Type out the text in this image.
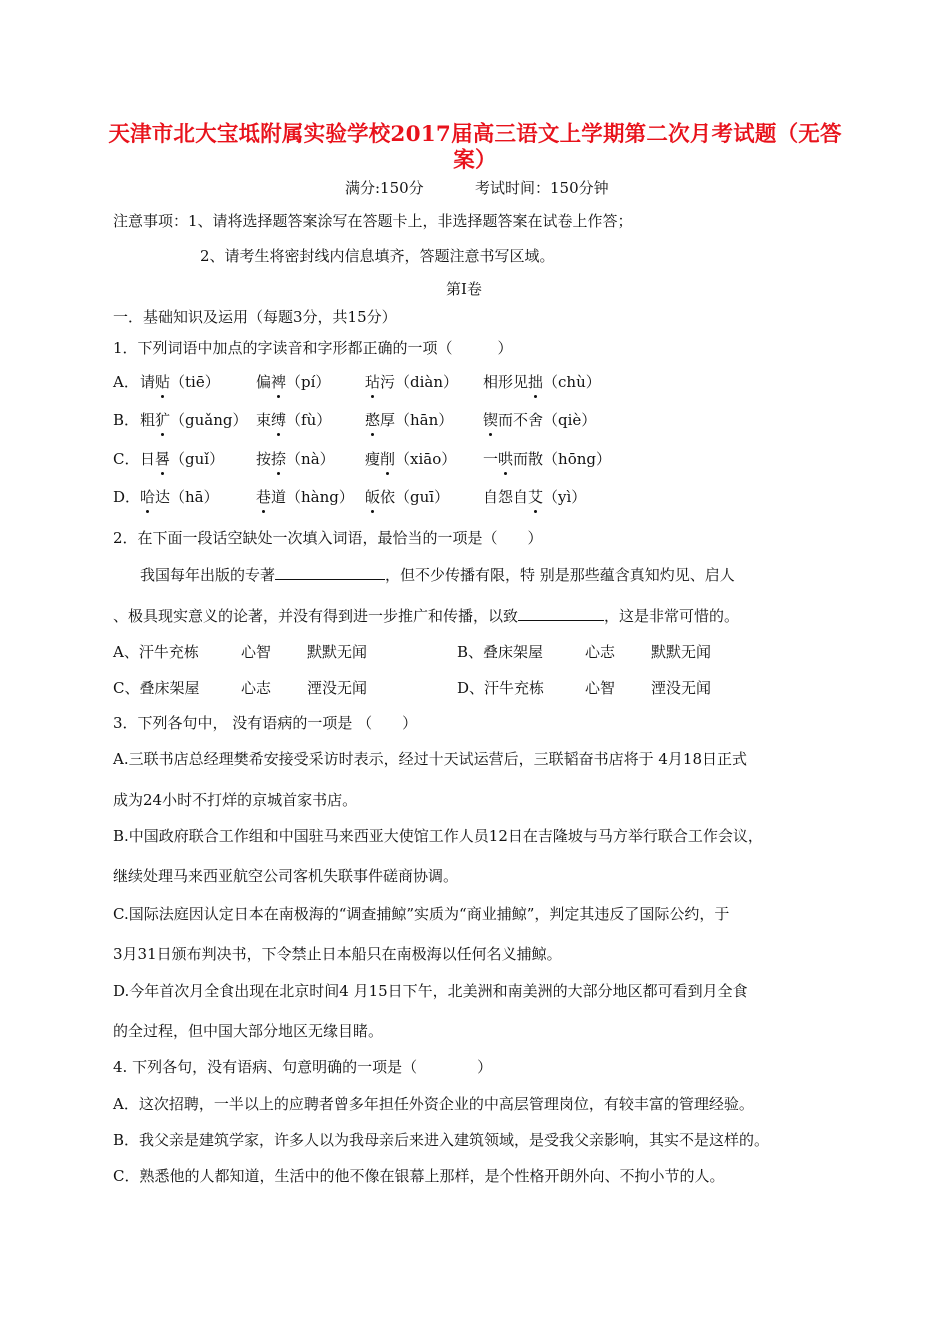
天津市北大宝坻附属实验学校2017届高三语文上学期第二次月考试题（无答案）
满分:150分	考试时间：150分钟
注意事项：1、请将选择题答案涂写在答题卡上，非选择题答案在试卷上作答；
2、请考生将密封线内信息填齐，答题注意书写区域。
第Ⅰ卷
一．基础知识及运用（每题3分，共15分）
1．下列词语中加点的字读音和字形都正确的一项（　　　）
A． 请贴（tiē） 偏裨（pí） 玷污（diàn） 相形见拙（chù）
B． 粗犷（guǎng） 束缚（fù） 憨厚（hān） 锲而不舍（qiè）
C． 日晷（guǐ） 按捺（nà） 瘦削（xiāo） 一哄而散（hōng）
D． 哈达（hā） 巷道（hàng） 皈依（guī） 自怨自艾（yì）
2．在下面一段话空缺处一次填入词语，最恰当的一项是（　　）
我国每年出版的专著	，但不少传播有限，特 别是那些蕴含真知灼见、启人
、极具现实意义的论著，并没有得到进一步推广和传播，以致	，这是非常可惜的。
A、汗牛充栋	心智 默默无闻	B、叠床架屋	心志 默默无闻
C、叠床架屋	心志 湮没无闻	D、汗牛充栋	心智 湮没无闻
3．下列各句中， 没有语病的一项是 （　　）
A.三联书店总经理樊希安接受采访时表示，经过十天试运营后，三联韬奋书店将于 4月18日正式
成为24小时不打烊的京城首家书店。
B.中国政府联合工作组和中国驻马来西亚大使馆工作人员12日在吉隆坡与马方举行联合工作会议，
继续处理马来西亚航空公司客机失联事件磋商协调。
C.国际法庭因认定日本在南极海的“调查捕鲸”实质为“商业捕鲸”，判定其违反了国际公约，于
3月31日颁布判决书，下令禁止日本船只在南极海以任何名义捕鲸。
D.今年首次月全食出现在北京时间4 月15日下午，北美洲和南美洲的大部分地区都可看到月全食
的全过程，但中国大部分地区无缘目睹。
4. 下列各句，没有语病、句意明确的一项是（　　　　）
A．这次招聘，一半以上的应聘者曾多年担任外资企业的中高层管理岗位，有较丰富的管理经验。
B．我父亲是建筑学家，许多人以为我母亲后来进入建筑领域，是受我父亲影响，其实不是这样的。
C．熟悉他的人都知道，生活中的他不像在银幕上那样，是个性格开朗外向、不拘小节的人。
